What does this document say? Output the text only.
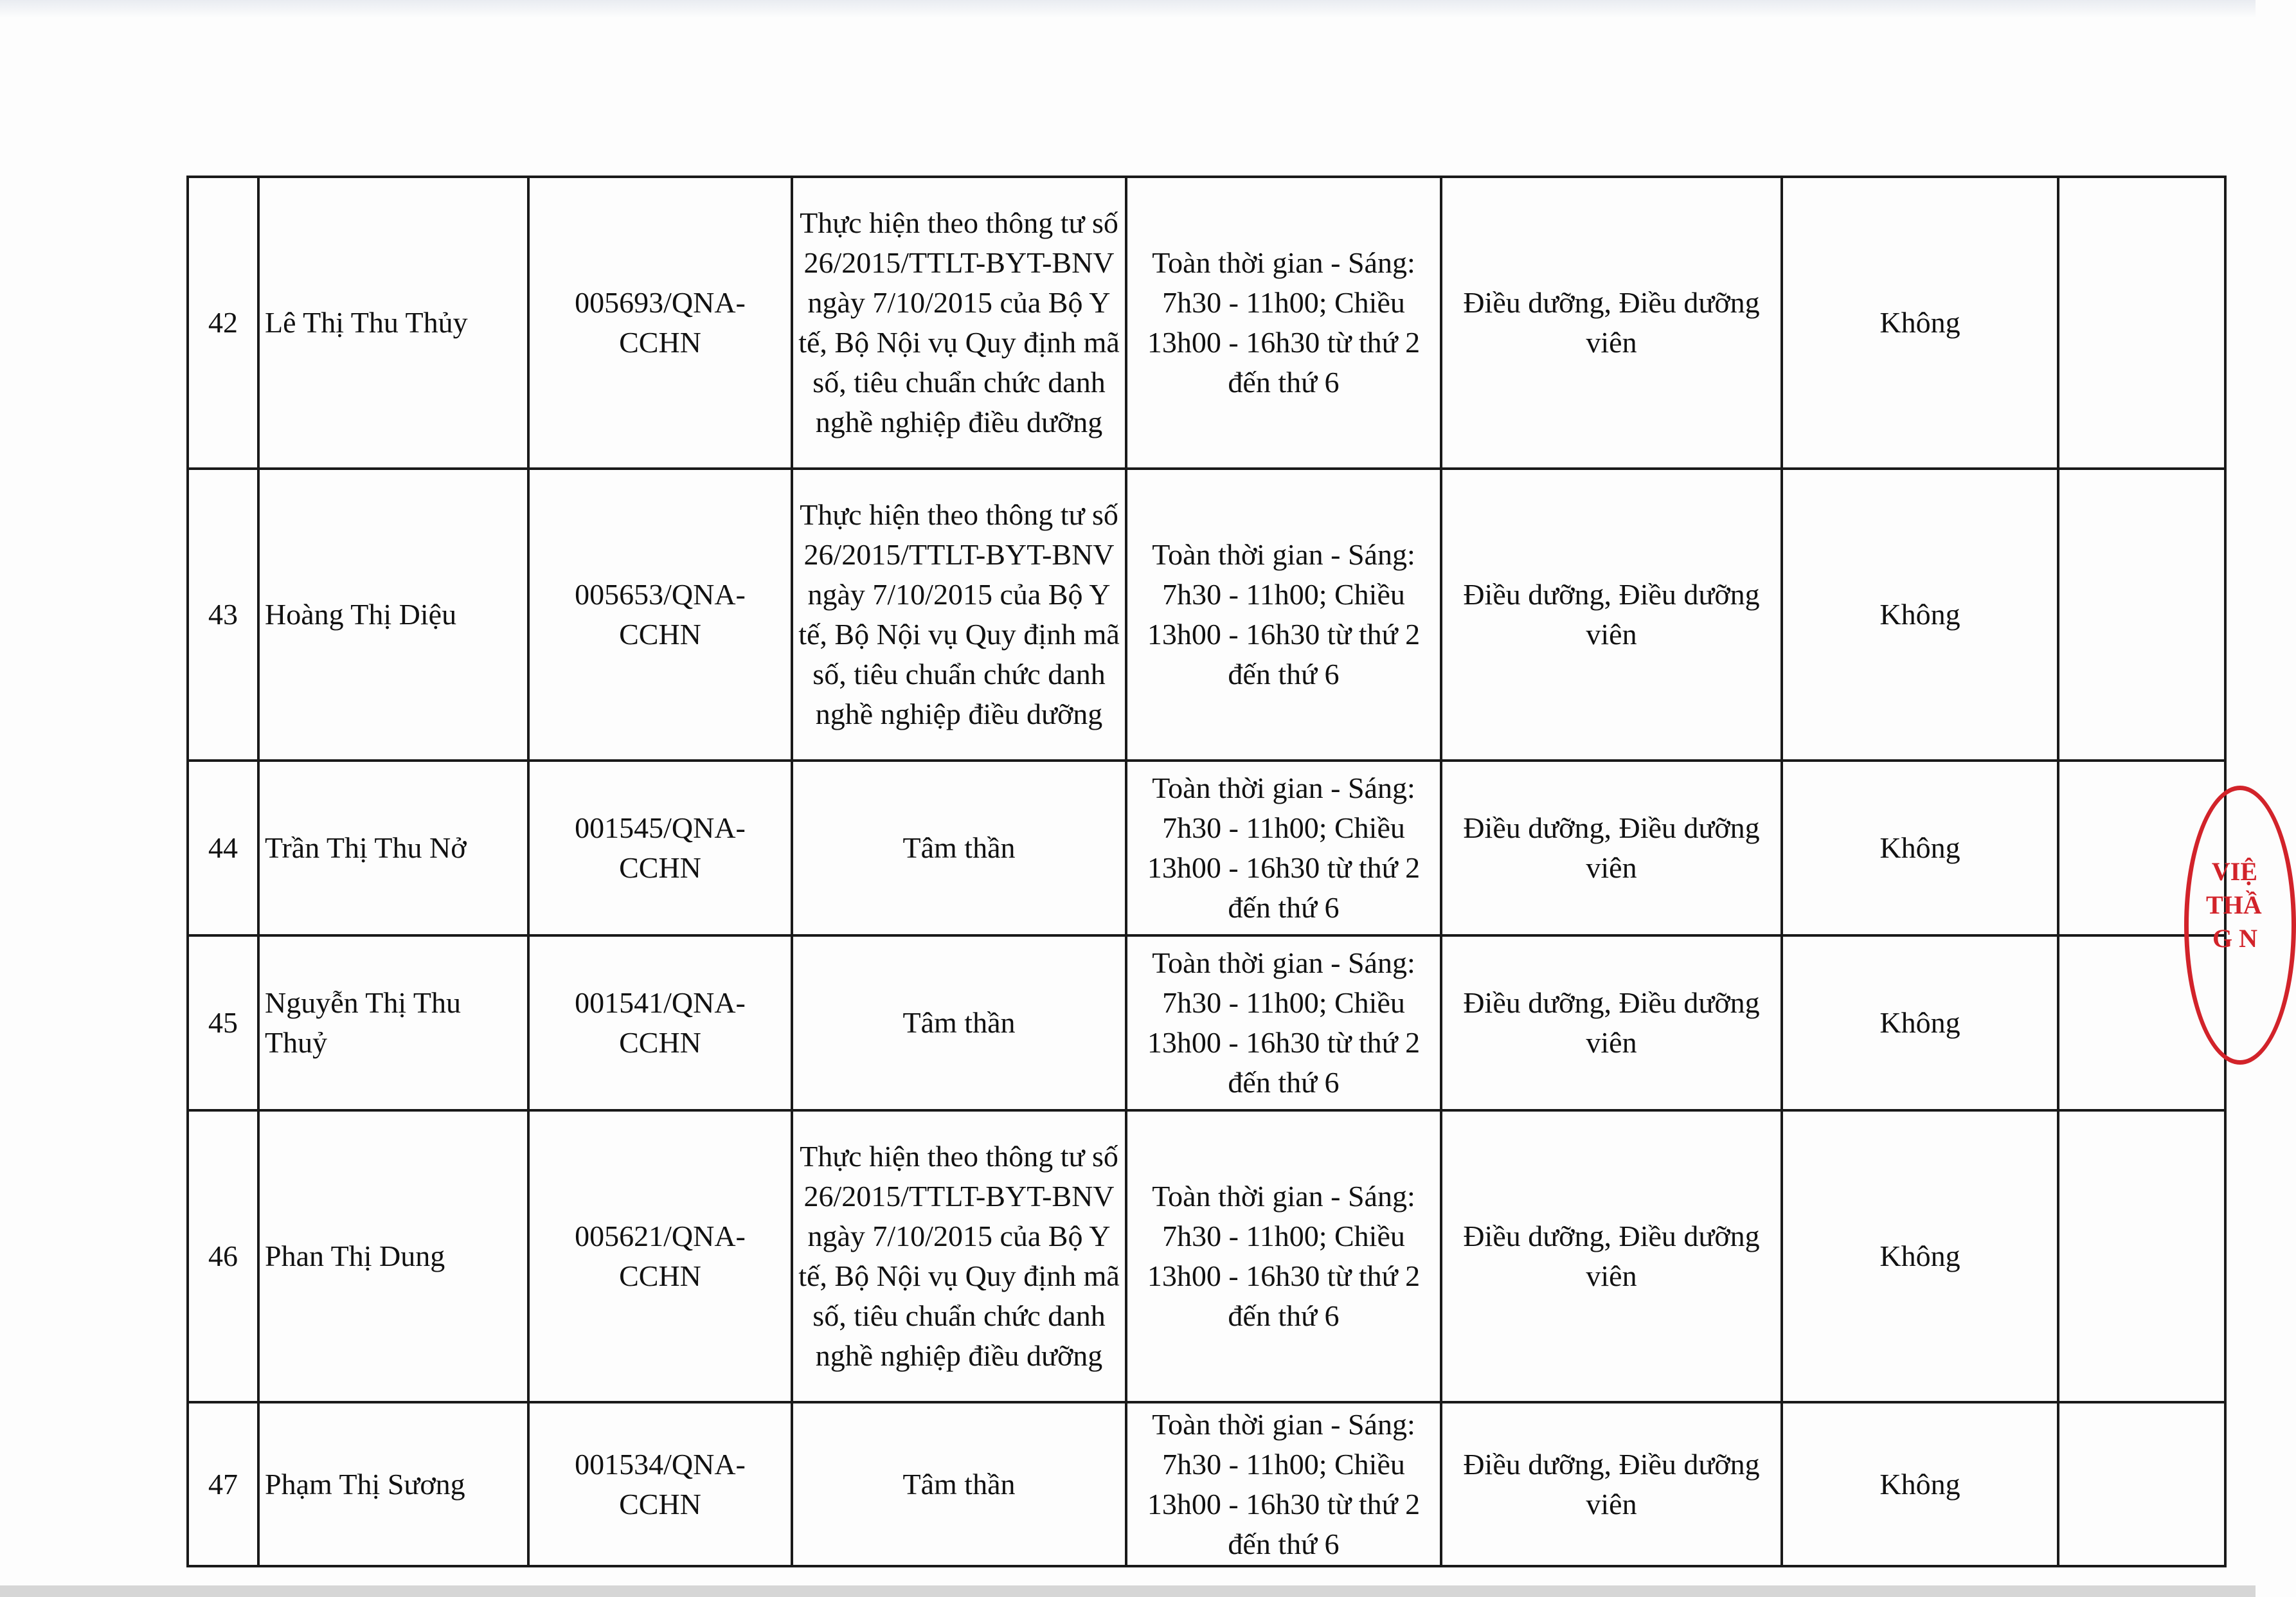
42	Lê Thị Thu Thủy	005693/QNA-CCHN	Thực hiện theo thông tư số 26/2015/TTLT-BYT-BNV ngày 7/10/2015 của Bộ Y tế, Bộ Nội vụ Quy định mã số, tiêu chuẩn chức danh nghề nghiệp điều dưỡng	Toàn thời gian - Sáng: 7h30 - 11h00; Chiều 13h00 - 16h30 từ thứ 2 đến thứ 6	Điều dưỡng, Điều dưỡng viên	Không	
43	Hoàng Thị Diệu	005653/QNA-CCHN	Thực hiện theo thông tư số 26/2015/TTLT-BYT-BNV ngày 7/10/2015 của Bộ Y tế, Bộ Nội vụ Quy định mã số, tiêu chuẩn chức danh nghề nghiệp điều dưỡng	Toàn thời gian - Sáng: 7h30 - 11h00; Chiều 13h00 - 16h30 từ thứ 2 đến thứ 6	Điều dưỡng, Điều dưỡng viên	Không	
44	Trần Thị Thu Nở	001545/QNA-CCHN	Tâm thần	Toàn thời gian - Sáng: 7h30 - 11h00; Chiều 13h00 - 16h30 từ thứ 2 đến thứ 6	Điều dưỡng, Điều dưỡng viên	Không	
45	Nguyễn Thị Thu Thuỷ	001541/QNA-CCHN	Tâm thần	Toàn thời gian - Sáng: 7h30 - 11h00; Chiều 13h00 - 16h30 từ thứ 2 đến thứ 6	Điều dưỡng, Điều dưỡng viên	Không	
46	Phan Thị Dung	005621/QNA-CCHN	Thực hiện theo thông tư số 26/2015/TTLT-BYT-BNV ngày 7/10/2015 của Bộ Y tế, Bộ Nội vụ Quy định mã số, tiêu chuẩn chức danh nghề nghiệp điều dưỡng	Toàn thời gian - Sáng: 7h30 - 11h00; Chiều 13h00 - 16h30 từ thứ 2 đến thứ 6	Điều dưỡng, Điều dưỡng viên	Không	
47	Phạm Thị Sương	001534/QNA-CCHN	Tâm thần	Toàn thời gian - Sáng: 7h30 - 11h00; Chiều 13h00 - 16h30 từ thứ 2 đến thứ 6	Điều dưỡng, Điều dưỡng viên	Không	
VIỆ
THẦ
G N
